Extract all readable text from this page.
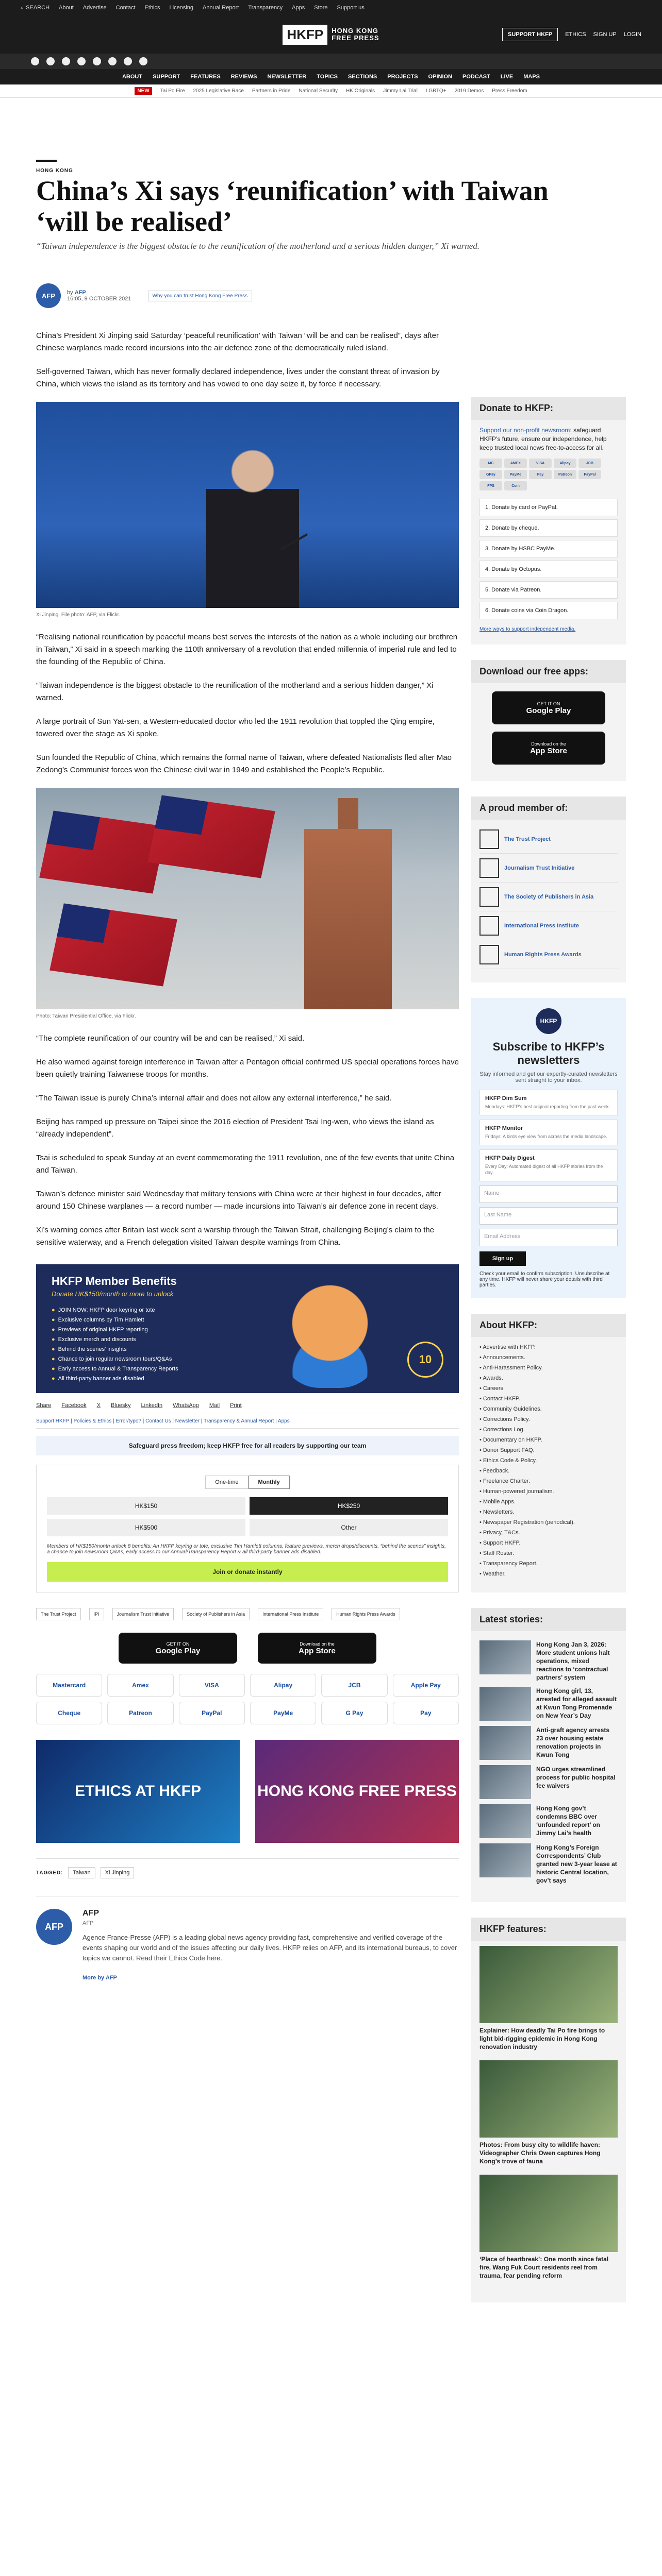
⌕ SEARCH About Advertise Contact Ethics Licensing Annual Report Transparency Apps Store Support us
HKFP	HONG KONG
FREE PRESS	SUPPORT HKFP	ETHICS SIGN UP LOGIN
ABOUT SUPPORT FEATURES REVIEWS NEWSLETTER TOPICS SECTIONS PROJECTS OPINION PODCAST LIVE MAPS
NEW	Tai Po Fire 2025 Legislative Race Partners in Pride National Security HK Originals Jimmy Lai Trial LGBTQ+ 2019 Demos Press Freedom
HONG KONG
China’s Xi says ‘reunification’ with Taiwan ‘will be realised’
“Taiwan independence is the biggest obstacle to the reunification of the motherland and a serious hidden danger,” Xi warned.
AFP	by AFP
16:05, 9 OCTOBER 2021	Why you can trust Hong Kong Free Press

China’s President Xi Jinping said Saturday ‘peaceful reunification’ with Taiwan “will be and can be realised”, days after Chinese warplanes made record incursions into the air defence zone of the democratically ruled island.

Self-governed Taiwan, which has never formally declared independence, lives under the constant threat of invasion by China, which views the island as its territory and has vowed to one day seize it, by force if necessary.

Xi Jinping. File photo: AFP, via Flickr.

“Realising national reunification by peaceful means best serves the interests of the nation as a whole including our brethren in Taiwan,” Xi said in a speech marking the 110th anniversary of a revolution that ended millennia of imperial rule and led to the founding of the Republic of China.

“Taiwan independence is the biggest obstacle to the reunification of the motherland and a serious hidden danger,” Xi warned.

A large portrait of Sun Yat-sen, a Western-educated doctor who led the 1911 revolution that toppled the Qing empire, towered over the stage as Xi spoke.

Sun founded the Republic of China, which remains the formal name of Taiwan, where defeated Nationalists fled after Mao Zedong’s Communist forces won the Chinese civil war in 1949 and established the People’s Republic.

Photo: Taiwan Presidential Office, via Flickr.

“The complete reunification of our country will be and can be realised,” Xi said.

He also warned against foreign interference in Taiwan after a Pentagon official confirmed US special operations forces have been quietly training Taiwanese troops for months.

“The Taiwan issue is purely China’s internal affair and does not allow any external interference,” he said.

Beijing has ramped up pressure on Taipei since the 2016 election of President Tsai Ing-wen, who views the island as “already independent”.

Tsai is scheduled to speak Sunday at an event commemorating the 1911 revolution, one of the few events that unite China and Taiwan.

Taiwan’s defence minister said Wednesday that military tensions with China were at their highest in four decades, after around 150 Chinese warplanes — a record number — made incursions into Taiwan’s air defence zone in recent days.

Xi’s warning comes after Britain last week sent a warship through the Taiwan Strait, challenging Beijing’s claim to the sensitive waterway, and a French delegation visited Taiwan despite warnings from China.

HKFP Member Benefits
Donate HK$150/month or more to unlock
● JOIN NOW: HKFP door keyring or tote
● Exclusive columns by Tim Hamlett
● Previews of original HKFP reporting
● Exclusive merch and discounts
● Behind the scenes' insights
● Chance to join regular newsroom tours/Q&As
● Early access to Annual & Transparency Reports
● All third-party banner ads disabled
10
Share Facebook X Bluesky LinkedIn WhatsApp Mail Print
Support HKFP | Policies & Ethics | Error/typo? | Contact Us | Newsletter | Transparency & Annual Report | Apps
Safeguard press freedom; keep HKFP free for all readers by supporting our team
One-time	Monthly
HK$150	HK$250
HK$500	Other
Members of HK$150/month unlock 8 benefits: An HKFP keyring or tote, exclusive Tim Hamlett columns, feature previews, merch drops/discounts, “behind the scenes” insights, a chance to join newsroom Q&As, early access to our Annual/Transparency Report & all third-party banner ads disabled.
Join or donate instantly
The Trust Project	IPI	Journalism Trust Initiative	Society of Publishers in Asia	International Press Institute	Human Rights Press Awards
GET IT ON
Google Play
Download on the
App Store
Mastercard	Amex	VISA	Alipay	JCB	Apple Pay
Cheque	Patreon	PayPal	PayMe	G Pay	Pay
ETHICS AT HKFP	HONG KONG FREE PRESS
TAGGED:	Taiwan	Xi Jinping
AFP
AFP
AFP

Agence France-Presse (AFP) is a leading global news agency providing fast, comprehensive and verified coverage of the events shaping our world and of the issues affecting our daily lives. HKFP relies on AFP, and its international bureaus, to cover topics we cannot. Read their Ethics Code here.

More by AFP
Donate to HKFP:
Support our non-profit newsroom: safeguard HKFP’s future, ensure our independence, help keep trusted local news free-to-access for all.
MC	AMEX	VISA	Alipay	JCB
GPay	PayMe	Pay	Patreon	PayPal
FPS	Coin
1. Donate by card or PayPal.
2. Donate by cheque.
3. Donate by HSBC PayMe.
4. Donate by Octopus.
5. Donate via Patreon.
6. Donate coins via Coin Dragon.
More ways to support independent media.
Download our free apps:
GET IT ON
Google Play
Download on the
App Store
A proud member of:
The Trust Project
Journalism Trust Initiative
The Society of Publishers in Asia
International Press Institute
Human Rights Press Awards
HKFP
Subscribe to HKFP’s newsletters
Stay informed and get our expertly-curated newsletters sent straight to your inbox.
HKFP Dim Sum
Mondays: HKFP’s best original reporting from the past week.
HKFP Monitor
Fridays: A birds eye view from across the media landscape.
HKFP Daily Digest
Every Day: Automated digest of all HKFP stories from the day.
Name
Last Name
Email Address
Sign up
Check your email to confirm subscription. Unsubscribe at any time. HKFP will never share your details with third parties.
About HKFP:
• Advertise with HKFP.
• Announcements.
• Anti-Harassment Policy.
• Awards.
• Careers.
• Contact HKFP.
• Community Guidelines.
• Corrections Policy.
• Corrections Log.
• Documentary on HKFP.
• Donor Support FAQ.
• Ethics Code & Policy.
• Feedback.
• Freelance Charter.
• Human-powered journalism.
• Mobile Apps.
• Newsletters.
• Newspaper Registration (periodical).
• Privacy, T&Cs.
• Support HKFP.
• Staff Roster.
• Transparency Report.
• Weather.
Latest stories:

Hong Kong Jan 3, 2026: More student unions halt operations, mixed reactions to ‘contractual partners’ system

Hong Kong girl, 13, arrested for alleged assault at Kwun Tong Promenade on New Year’s Day

Anti-graft agency arrests 23 over housing estate renovation projects in Kwun Tong

NGO urges streamlined process for public hospital fee waivers

Hong Kong gov’t condemns BBC over ‘unfounded report’ on Jimmy Lai’s health

Hong Kong’s Foreign Correspondents’ Club granted new 3-year lease at historic Central location, gov’t says

HKFP features:

Explainer: How deadly Tai Po fire brings to light bid-rigging epidemic in Hong Kong renovation industry

Photos: From busy city to wildlife haven: Videographer Chris Owen captures Hong Kong’s trove of fauna

‘Place of heartbreak’: One month since fatal fire, Wang Fuk Court residents reel from trauma, fear pending reform
